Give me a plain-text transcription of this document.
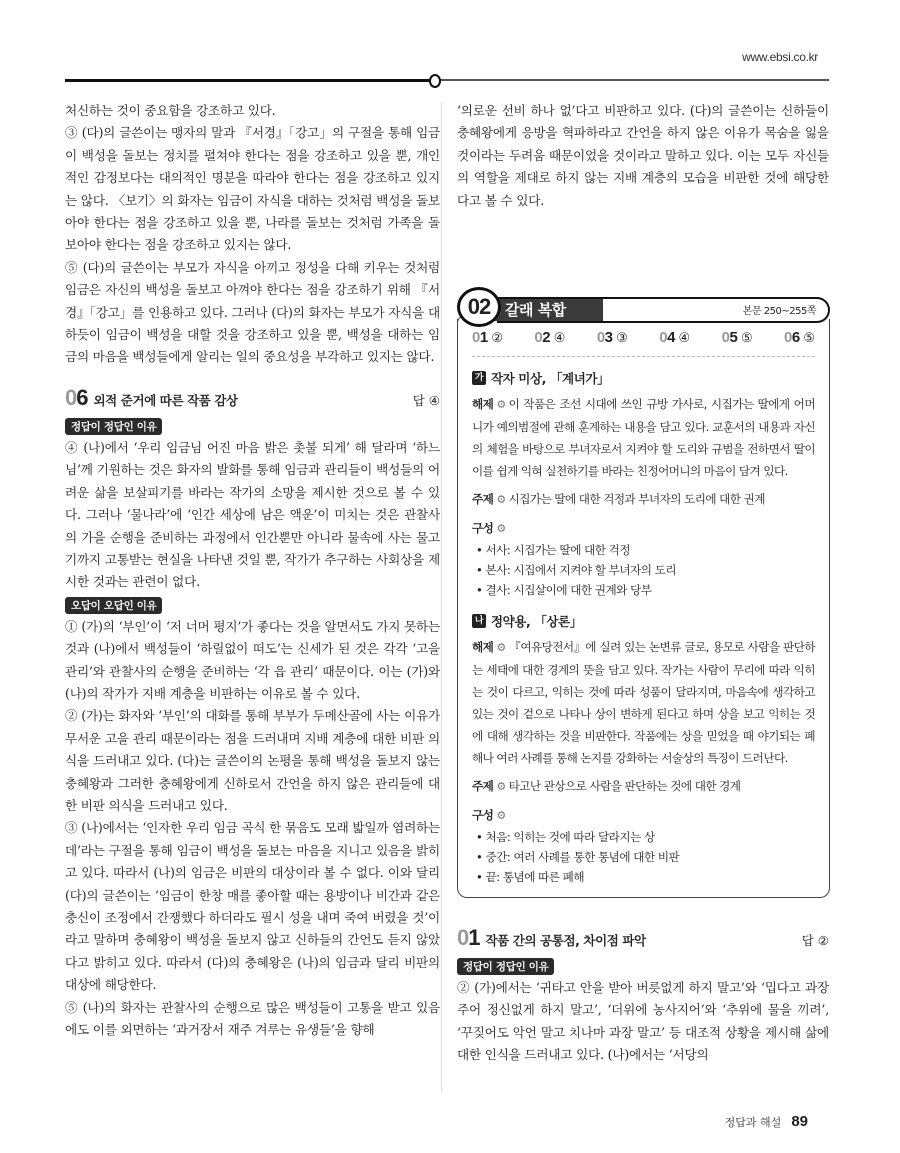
www.ebsi.co.kr

처신하는 것이 중요함을 강조하고 있다.

③ (다)의 글쓴이는 맹자의 말과 『서경』「강고」의 구절을 통해 임금이 백성을 돌보는 정치를 펼쳐야 한다는 점을 강조하고 있을 뿐, 개인적인 감정보다는 대의적인 명분을 따라야 한다는 점을 강조하고 있지는 않다. 〈보기〉의 화자는 임금이 자식을 대하는 것처럼 백성을 돌보아야 한다는 점을 강조하고 있을 뿐, 나라를 돌보는 것처럼 가족을 돌보아야 한다는 점을 강조하고 있지는 않다.

⑤ (다)의 글쓴이는 부모가 자식을 아끼고 정성을 다해 키우는 것처럼 임금은 자신의 백성을 돌보고 아껴야 한다는 점을 강조하기 위해 『서경』「강고」를 인용하고 있다. 그러나 (다)의 화자는 부모가 자식을 대하듯이 임금이 백성을 대할 것을 강조하고 있을 뿐, 백성을 대하는 임금의 마음을 백성들에게 알리는 일의 중요성을 부각하고 있지는 않다.

06 외적 준거에 따른 작품 감상	답 ④
정답이 정답인 이유

④ (나)에서 ‘우리 임금님 어진 마음 밝은 촛불 되게’ 해 달라며 ‘하느님’께 기원하는 것은 화자의 발화를 통해 임금과 관리들이 백성들의 어려운 삶을 보살피기를 바라는 작가의 소망을 제시한 것으로 볼 수 있다. 그러나 ‘물나라’에 ‘인간 세상에 남은 액운’이 미치는 것은 관찰사의 가을 순행을 준비하는 과정에서 인간뿐만 아니라 물속에 사는 물고기까지 고통받는 현실을 나타낸 것일 뿐, 작가가 추구하는 사회상을 제시한 것과는 관련이 없다.

오답이 오답인 이유

① (가)의 ‘부인’이 ‘저 너머 평지’가 좋다는 것을 알면서도 가지 못하는 것과 (나)에서 백성들이 ‘하릴없이 떠도’는 신세가 된 것은 각각 ‘고을 관리’와 관찰사의 순행을 준비하는 ‘각 읍 관리’ 때문이다. 이는 (가)와 (나)의 작가가 지배 계층을 비판하는 이유로 볼 수 있다.

② (가)는 화자와 ‘부인’의 대화를 통해 부부가 두메산골에 사는 이유가 무서운 고을 관리 때문이라는 점을 드러내며 지배 계층에 대한 비판 의식을 드러내고 있다. (다)는 글쓴이의 논평을 통해 백성을 돌보지 않는 충혜왕과 그러한 충혜왕에게 신하로서 간언을 하지 않은 관리들에 대한 비판 의식을 드러내고 있다.

③ (나)에서는 ‘인자한 우리 임금 곡식 한 묶음도 모래 밟일까 염려하는데’라는 구절을 통해 임금이 백성을 돌보는 마음을 지니고 있음을 밝히고 있다. 따라서 (나)의 임금은 비판의 대상이라 볼 수 없다. 이와 달리 (다)의 글쓴이는 ‘임금이 한창 매를 좋아할 때는 용방이나 비간과 같은 충신이 조정에서 간쟁했다 하더라도 필시 성을 내며 죽여 버렸을 것’이라고 말하며 충혜왕이 백성을 돌보지 않고 신하들의 간언도 듣지 않았다고 밝히고 있다. 따라서 (다)의 충혜왕은 (나)의 임금과 달리 비판의 대상에 해당한다.

⑤ (나)의 화자는 관찰사의 순행으로 많은 백성들이 고통을 받고 있음에도 이를 외면하는 ‘과거장서 재주 겨루는 유생들’을 향해

‘의로운 선비 하나 없’다고 비판하고 있다. (다)의 글쓴이는 신하들이 충혜왕에게 응방을 혁파하라고 간언을 하지 않은 이유가 목숨을 잃을 것이라는 두려움 때문이었을 것이라고 말하고 있다. 이는 모두 자신들의 역할을 제대로 하지 않는 지배 계층의 모습을 비판한 것에 해당한다고 볼 수 있다.

02 갈래 복합	본문 250~255쪽
01 ② 02 ④ 03 ③ 04 ④ 05 ⑤ 06 ⑤
가 작자 미상, 「계녀가」

해제 ⚙ 이 작품은 조선 시대에 쓰인 규방 가사로, 시집가는 딸에게 어머니가 예의범절에 관해 훈계하는 내용을 담고 있다. 교훈서의 내용과 자신의 체험을 바탕으로 부녀자로서 지켜야 할 도리와 규범을 전하면서 딸이 이를 쉽게 익혀 실천하기를 바라는 친정어머니의 마음이 담겨 있다.

주제 ⚙ 시집가는 딸에 대한 걱정과 부녀자의 도리에 대한 권계

구성 ⚙

• 서사: 시집가는 딸에 대한 걱정
• 본사: 시집에서 지켜야 할 부녀자의 도리
• 결사: 시집살이에 대한 권계와 당부
나 정약용, 「상론」

해제 ⚙ 『여유당전서』에 실려 있는 논변류 글로, 용모로 사람을 판단하는 세태에 대한 경계의 뜻을 담고 있다. 작가는 사람이 무리에 따라 익히는 것이 다르고, 익히는 것에 따라 성품이 달라지며, 마음속에 생각하고 있는 것이 겉으로 나타나 상이 변하게 된다고 하며 상을 보고 익히는 것에 대해 생각하는 것을 비판한다. 작품에는 상을 믿었을 때 야기되는 폐해나 여러 사례를 통해 논지를 강화하는 서술상의 특징이 드러난다.

주제 ⚙ 타고난 관상으로 사람을 판단하는 것에 대한 경계

구성 ⚙

• 처음: 익히는 것에 따라 달라지는 상
• 중간: 여러 사례를 통한 통념에 대한 비판
• 끝: 통념에 따른 폐해
01 작품 간의 공통점, 차이점 파악	답 ②
정답이 정답인 이유

② (가)에서는 ‘귀타고 안을 받아 버릇없게 하지 말고’와 ‘밉다고 과장 주어 정신없게 하지 말고’, ‘더위에 농사지어’와 ‘추위에 물을 끼려’, ‘꾸짖어도 악언 말고 치나마 과장 말고’ 등 대조적 상황을 제시해 삶에 대한 인식을 드러내고 있다. (나)에서는 ‘서당의

정답과 해설 89
